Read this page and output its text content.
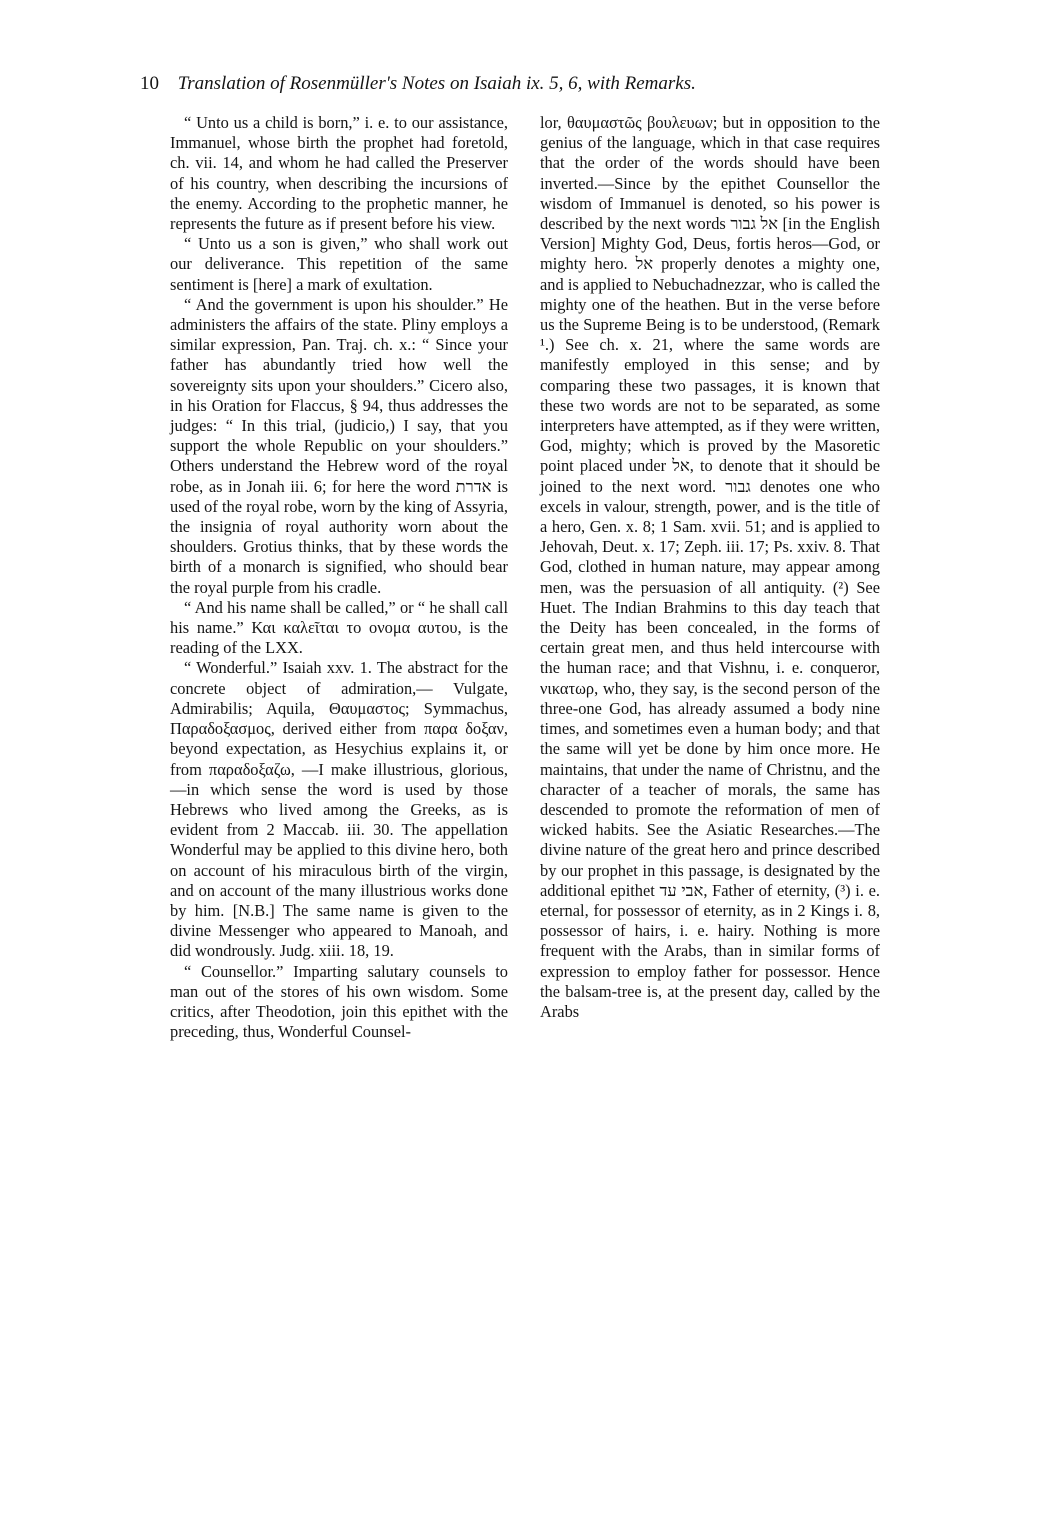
10 Translation of Rosenmüller's Notes on Isaiah ix. 5, 6, with Remarks.

“ Unto us a child is born,” i. e. to our assistance, Immanuel, whose birth the prophet had foretold, ch. vii. 14, and whom he had called the Preserver of his country, when describing the incursions of the enemy. According to the prophetic manner, he represents the future as if present before his view.

“ Unto us a son is given,” who shall work out our deliverance. This repetition of the same sentiment is [here] a mark of exultation.

“ And the government is upon his shoulder.” He administers the affairs of the state. Pliny employs a similar expression, Pan. Traj. ch. x.: “ Since your father has abundantly tried how well the sovereignty sits upon your shoulders.” Cicero also, in his Oration for Flaccus, § 94, thus addresses the judges: “ In this trial, (judicio,) I say, that you support the whole Republic on your shoulders.” Others understand the Hebrew word of the royal robe, as in Jonah iii. 6; for here the word אדרת is used of the royal robe, worn by the king of Assyria, the insignia of royal authority worn about the shoulders. Grotius thinks, that by these words the birth of a monarch is signified, who should bear the royal purple from his cradle.

“ And his name shall be called,” or “ he shall call his name.” Και καλεῖται το ονομα αυτου, is the reading of the LXX.

“ Wonderful.” Isaiah xxv. 1. The abstract for the concrete object of admiration,— Vulgate, Admirabilis; Aquila, Θαυμαστος; Symmachus, Παραδοξασμος, derived either from παρα δοξαν, beyond expectation, as Hesychius explains it, or from παραδοξαζω, —I make illustrious, glorious,—in which sense the word is used by those Hebrews who lived among the Greeks, as is evident from 2 Maccab. iii. 30. The appellation Wonderful may be applied to this divine hero, both on account of his miraculous birth of the virgin, and on account of the many illustrious works done by him. [N.B.] The same name is given to the divine Messenger who appeared to Manoah, and did wondrously. Judg. xiii. 18, 19.

“ Counsellor.” Imparting salutary counsels to man out of the stores of his own wisdom. Some critics, after Theodotion, join this epithet with the preceding, thus, Wonderful Counsel-

lor, θαυμαστῶς βουλευων; but in opposition to the genius of the language, which in that case requires that the order of the words should have been inverted.—Since by the epithet Counsellor the wisdom of Immanuel is denoted, so his power is described by the next words אל גבור [in the English Version] Mighty God, Deus, fortis heros—God, or mighty hero. אל properly denotes a mighty one, and is applied to Nebuchadnezzar, who is called the mighty one of the heathen. But in the verse before us the Supreme Being is to be understood, (Remark ¹.) See ch. x. 21, where the same words are manifestly employed in this sense; and by comparing these two passages, it is known that these two words are not to be separated, as some interpreters have attempted, as if they were written, God, mighty; which is proved by the Masoretic point placed under אל, to denote that it should be joined to the next word. גבור denotes one who excels in valour, strength, power, and is the title of a hero, Gen. x. 8; 1 Sam. xvii. 51; and is applied to Jehovah, Deut. x. 17; Zeph. iii. 17; Ps. xxiv. 8. That God, clothed in human nature, may appear among men, was the persuasion of all antiquity. (²) See Huet. The Indian Brahmins to this day teach that the Deity has been concealed, in the forms of certain great men, and thus held intercourse with the human race; and that Vishnu, i. e. conqueror, νικατωρ, who, they say, is the second person of the three-one God, has already assumed a body nine times, and sometimes even a human body; and that the same will yet be done by him once more. He maintains, that under the name of Christnu, and the character of a teacher of morals, the same has descended to promote the reformation of men of wicked habits. See the Asiatic Researches.—The divine nature of the great hero and prince described by our prophet in this passage, is designated by the additional epithet אבי עד, Father of eternity, (³) i. e. eternal, for possessor of eternity, as in 2 Kings i. 8, possessor of hairs, i. e. hairy. Nothing is more frequent with the Arabs, than in similar forms of expression to employ father for possessor. Hence the balsam-tree is, at the present day, called by the Arabs
